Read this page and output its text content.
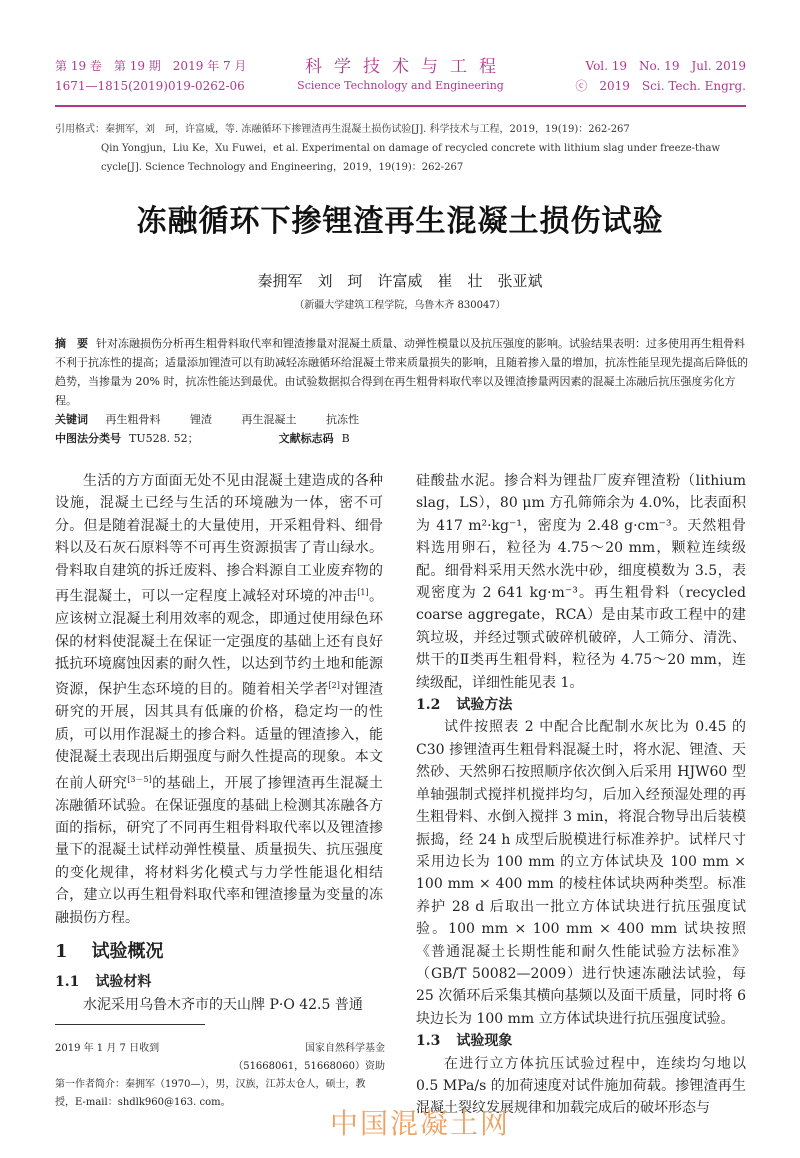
第 19 卷　第 19 期　2019 年 7 月
1671—1815(2019)019-0262-06
科学技术与工程
Science Technology and Engineering
Vol. 19　No. 19　Jul. 2019
ⓒ　2019　Sci. Tech. Engrg.
引用格式：秦拥军，刘　珂，许富威，等. 冻融循环下掺锂渣再生混凝土损伤试验[J]. 科学技术与工程，2019，19(19)：262-267
Qin Yongjun，Liu Ke，Xu Fuwei，et al. Experimental on damage of recycled concrete with lithium slag under freeze-thaw cycle[J]. Science Technology and Engineering，2019，19(19)：262-267
冻融循环下掺锂渣再生混凝土损伤试验
秦拥军　刘　珂　许富威　崔　壮　张亚斌
（新疆大学建筑工程学院，乌鲁木齐 830047）
摘　要 针对冻融损伤分析再生粗骨料取代率和锂渣掺量对混凝土质量、动弹性模量以及抗压强度的影响。试验结果表明：过多使用再生粗骨料不利于抗冻性的提高；适量添加锂渣可以有助减轻冻融循环给混凝土带来质量损失的影响，且随着掺入量的增加，抗冻性能呈现先提高后降低的趋势，当掺量为 20% 时，抗冻性能达到最优。由试验数据拟合得到在再生粗骨料取代率以及锂渣掺量两因素的混凝土冻融后抗压强度劣化方程。
关键词 再生粗骨料	锂渣	再生混凝土	抗冻性
中图法分类号 TU528. 52；	文献标志码 B

生活的方方面面无处不见由混凝土建造成的各种设施，混凝土已经与生活的环境融为一体，密不可分。但是随着混凝土的大量使用，开采粗骨料、细骨料以及石灰石原料等不可再生资源损害了青山绿水。骨料取自建筑的拆迁废料、掺合料源自工业废弃物的再生混凝土，可以一定程度上减轻对环境的冲击[1]。应该树立混凝土利用效率的观念，即通过使用绿色环保的材料使混凝土在保证一定强度的基础上还有良好抵抗环境腐蚀因素的耐久性，以达到节约土地和能源资源，保护生态环境的目的。随着相关学者[2]对锂渣研究的开展，因其具有低廉的价格，稳定均一的性质，可以用作混凝土的掺合料。适量的锂渣掺入，能使混凝土表现出后期强度与耐久性提高的现象。本文在前人研究[3－5]的基础上，开展了掺锂渣再生混凝土冻融循环试验。在保证强度的基础上检测其冻融各方面的指标，研究了不同再生粗骨料取代率以及锂渣掺量下的混凝土试样动弹性模量、质量损失、抗压强度的变化规律，将材料劣化模式与力学性能退化相结合，建立以再生粗骨料取代率和锂渣掺量为变量的冻融损伤方程。

1 试验概况
1.1 试验材料

水泥采用乌鲁木齐市的天山牌 P·O 42.5 普通

硅酸盐水泥。掺合料为锂盐厂废弃锂渣粉（lithium slag，LS），80 μm 方孔筛筛余为 4.0%，比表面积为 417 m²·kg⁻¹，密度为 2.48 g·cm⁻³。天然粗骨料选用卵石，粒径为 4.75～20 mm，颗粒连续级配。细骨料采用天然水洗中砂，细度模数为 3.5，表观密度为 2 641 kg·m⁻³。再生粗骨料（recycled coarse aggregate，RCA）是由某市政工程中的建筑垃圾，并经过颚式破碎机破碎，人工筛分、清洗、烘干的Ⅱ类再生粗骨料，粒径为 4.75～20 mm，连续级配，详细性能见表 1。

1.2 试验方法

试件按照表 2 中配合比配制水灰比为 0.45 的 C30 掺锂渣再生粗骨料混凝土时，将水泥、锂渣、天然砂、天然卵石按照顺序依次倒入后采用 HJW60 型单轴强制式搅拌机搅拌均匀，后加入经预湿处理的再生粗骨料、水倒入搅拌 3 min，将混合物导出后装模振捣，经 24 h 成型后脱模进行标准养护。试样尺寸采用边长为 100 mm 的立方体试块及 100 mm × 100 mm × 400 mm 的棱柱体试块两种类型。标准养护 28 d 后取出一批立方体试块进行抗压强度试验。100 mm × 100 mm × 400 mm 试块按照《普通混凝土长期性能和耐久性能试验方法标准》（GB/T 50082—2009）进行快速冻融法试验，每 25 次循环后采集其横向基频以及面干质量，同时将 6 块边长为 100 mm 立方体试块进行抗压强度试验。

1.3 试验现象

在进行立方体抗压试验过程中，连续均匀地以 0.5 MPa/s 的加荷速度对试件施加荷载。掺锂渣再生混凝土裂纹发展规律和加载完成后的破坏形态与

2019 年 1 月 7 日收到	国家自然科学基金
（51668061，51668060）资助
第一作者简介：秦拥军（1970—），男，汉族，江苏太仓人，硕士，教授，E-mail：shdlk960@163. com。
中国混凝土网
